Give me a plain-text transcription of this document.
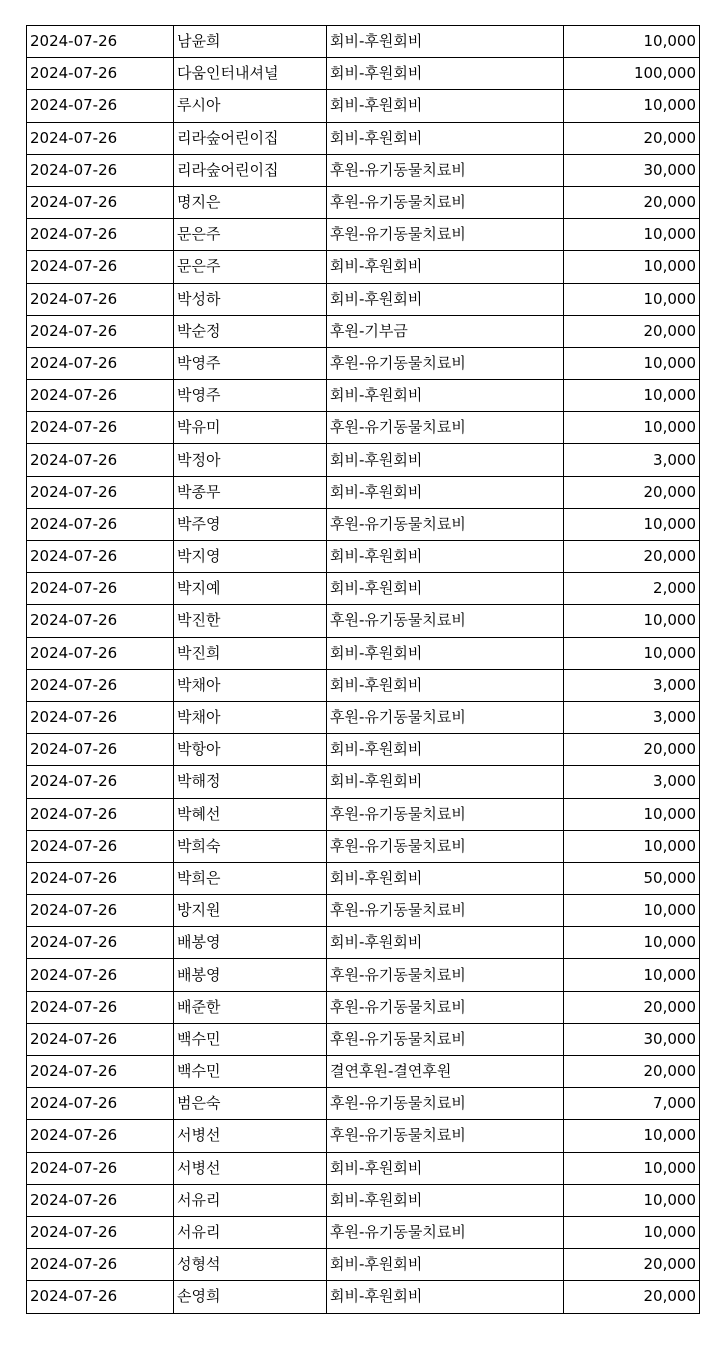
2024-07-26	남윤희	회비-후원회비	10,000
2024-07-26	다움인터내셔널	회비-후원회비	100,000
2024-07-26	루시아	회비-후원회비	10,000
2024-07-26	리라숲어린이집	회비-후원회비	20,000
2024-07-26	리라숲어린이집	후원-유기동물치료비	30,000
2024-07-26	명지은	후원-유기동물치료비	20,000
2024-07-26	문은주	후원-유기동물치료비	10,000
2024-07-26	문은주	회비-후원회비	10,000
2024-07-26	박성하	회비-후원회비	10,000
2024-07-26	박순정	후원-기부금	20,000
2024-07-26	박영주	후원-유기동물치료비	10,000
2024-07-26	박영주	회비-후원회비	10,000
2024-07-26	박유미	후원-유기동물치료비	10,000
2024-07-26	박정아	회비-후원회비	3,000
2024-07-26	박종무	회비-후원회비	20,000
2024-07-26	박주영	후원-유기동물치료비	10,000
2024-07-26	박지영	회비-후원회비	20,000
2024-07-26	박지예	회비-후원회비	2,000
2024-07-26	박진한	후원-유기동물치료비	10,000
2024-07-26	박진희	회비-후원회비	10,000
2024-07-26	박채아	회비-후원회비	3,000
2024-07-26	박채아	후원-유기동물치료비	3,000
2024-07-26	박항아	회비-후원회비	20,000
2024-07-26	박해정	회비-후원회비	3,000
2024-07-26	박혜선	후원-유기동물치료비	10,000
2024-07-26	박희숙	후원-유기동물치료비	10,000
2024-07-26	박희은	회비-후원회비	50,000
2024-07-26	방지원	후원-유기동물치료비	10,000
2024-07-26	배봉영	회비-후원회비	10,000
2024-07-26	배봉영	후원-유기동물치료비	10,000
2024-07-26	배준한	후원-유기동물치료비	20,000
2024-07-26	백수민	후원-유기동물치료비	30,000
2024-07-26	백수민	결연후원-결연후원	20,000
2024-07-26	범은숙	후원-유기동물치료비	7,000
2024-07-26	서병선	후원-유기동물치료비	10,000
2024-07-26	서병선	회비-후원회비	10,000
2024-07-26	서유리	회비-후원회비	10,000
2024-07-26	서유리	후원-유기동물치료비	10,000
2024-07-26	성형석	회비-후원회비	20,000
2024-07-26	손영희	회비-후원회비	20,000
